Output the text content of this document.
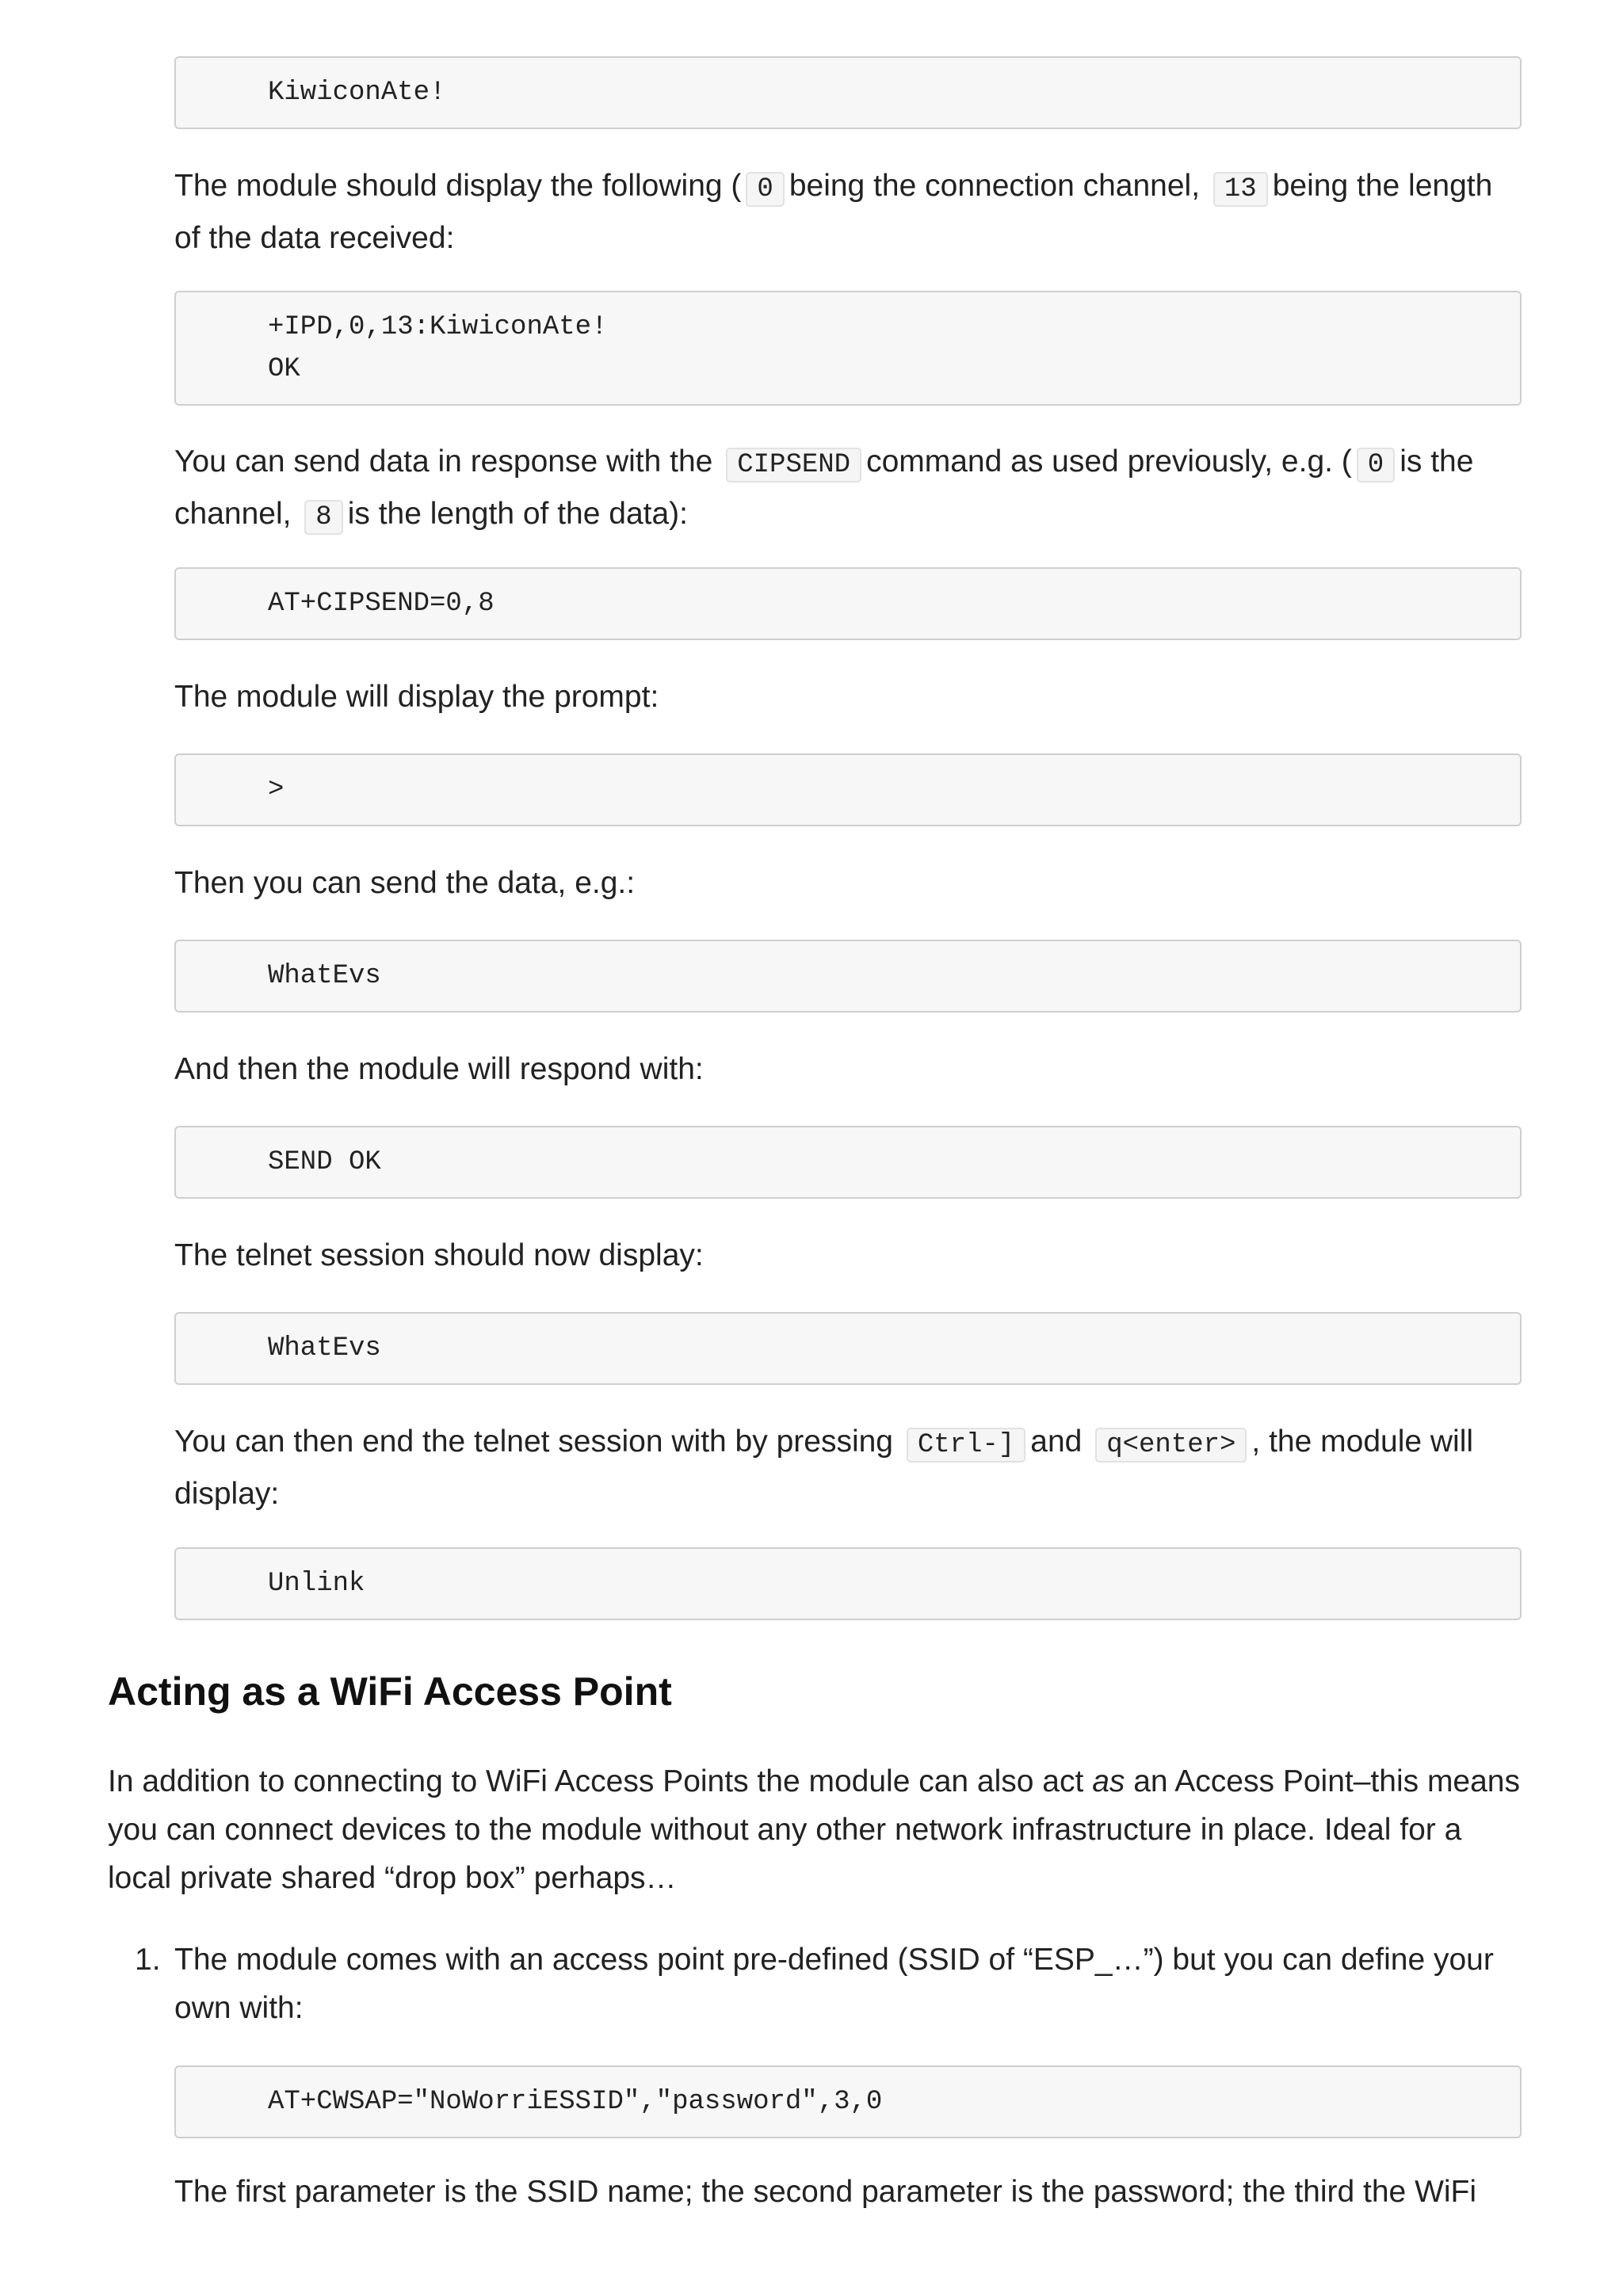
KiwiconAte!

The module should display the following ( 0 being the connection channel, 13 being the length
of the data received:

+IPD,0,13:KiwiconAte!
OK

You can send data in response with the CIPSEND command as used previously, e.g. ( 0 is the
channel, 8 is the length of the data):

AT+CIPSEND=0,8

The module will display the prompt:

>

Then you can send the data, e.g.:

WhatEvs

And then the module will respond with:

SEND OK

The telnet session should now display:

WhatEvs

You can then end the telnet session with by pressing Ctrl-] and q<enter> , the module will
display:

Unlink
Acting as a WiFi Access Point

In addition to connecting to WiFi Access Points the module can also act as an Access Point–this means
you can connect devices to the module without any other network infrastructure in place. Ideal for a
local private shared “drop box” perhaps…

1. The module comes with an access point pre-defined (SSID of “ESP_…”) but you can define your
own with:

AT+CWSAP="NoWorriESSID","password",3,0

The first parameter is the SSID name; the second parameter is the password; the third the WiFi
